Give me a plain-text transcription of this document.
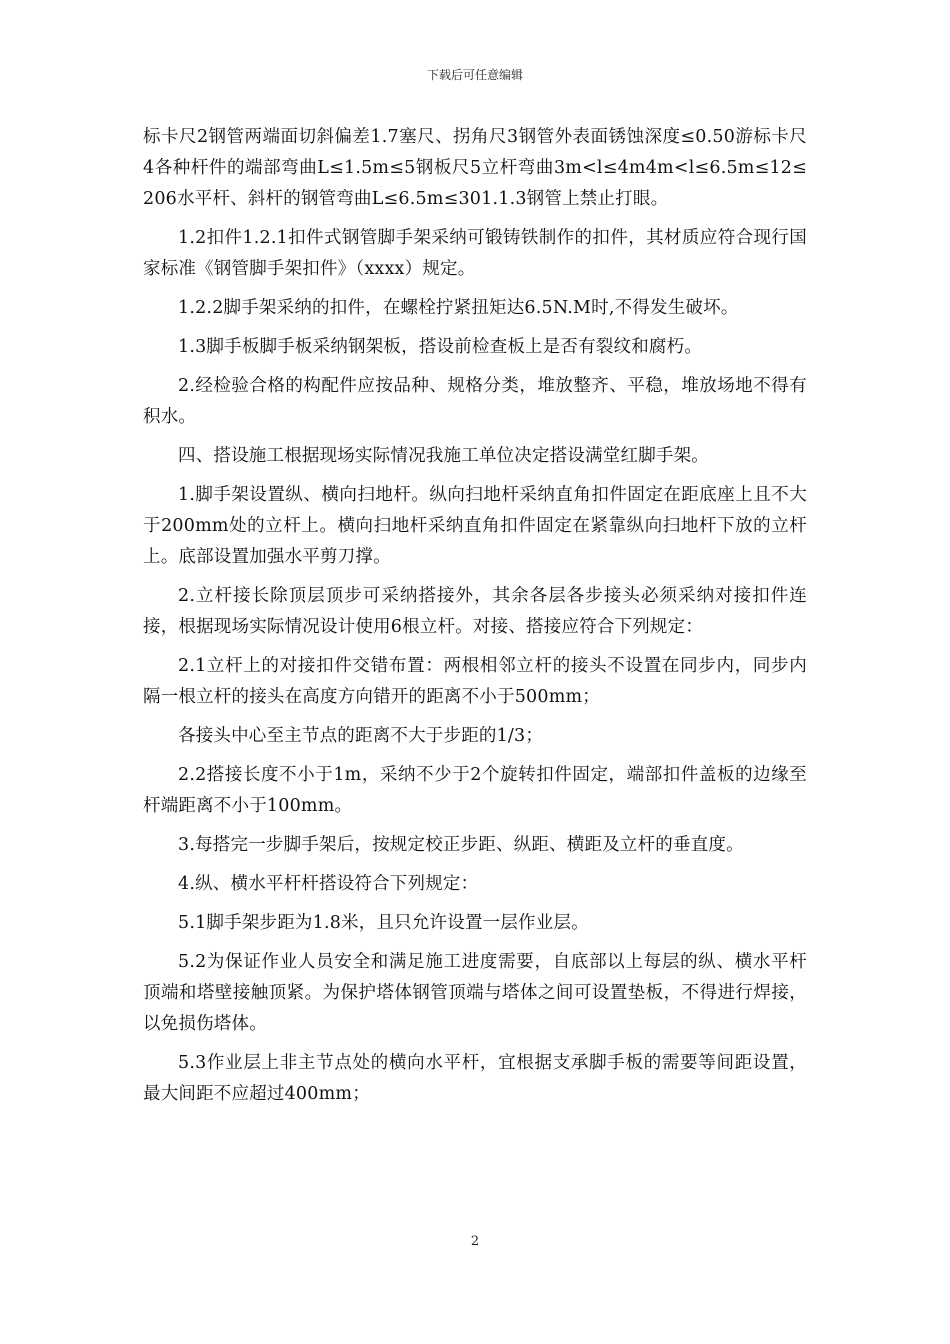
下载后可任意编辑

标卡尺2钢管两端面切斜偏差1.7塞尺、拐角尺3钢管外表面锈蚀深度≤0.50游标卡尺4各种杆件的端部弯曲L≤1.5m≤5钢板尺5立杆弯曲3m<l≤4m4m<l≤6.5m≤12≤206水平杆、斜杆的钢管弯曲L≤6.5m≤301.1.3钢管上禁止打眼。

1.2扣件1.2.1扣件式钢管脚手架采纳可锻铸铁制作的扣件，其材质应符合现行国家标准《钢管脚手架扣件》（xxxx）规定。

1.2.2脚手架采纳的扣件，在螺栓拧紧扭矩达6.5N.M时,不得发生破坏。

1.3脚手板脚手板采纳钢架板，搭设前检查板上是否有裂纹和腐朽。

2.经检验合格的构配件应按品种、规格分类，堆放整齐、平稳，堆放场地不得有积水。

四、搭设施工根据现场实际情况我施工单位决定搭设满堂红脚手架。

1.脚手架设置纵、横向扫地杆。纵向扫地杆采纳直角扣件固定在距底座上且不大于200mm处的立杆上。横向扫地杆采纳直角扣件固定在紧靠纵向扫地杆下放的立杆上。底部设置加强水平剪刀撑。

2.立杆接长除顶层顶步可采纳搭接外，其余各层各步接头必须采纳对接扣件连接，根据现场实际情况设计使用6根立杆。对接、搭接应符合下列规定：

2.1立杆上的对接扣件交错布置：两根相邻立杆的接头不设置在同步内，同步内隔一根立杆的接头在高度方向错开的距离不小于500mm；

各接头中心至主节点的距离不大于步距的1/3；

2.2搭接长度不小于1m，采纳不少于2个旋转扣件固定，端部扣件盖板的边缘至杆端距离不小于100mm。

3.每搭完一步脚手架后，按规定校正步距、纵距、横距及立杆的垂直度。

4.纵、横水平杆杆搭设符合下列规定：

5.1脚手架步距为1.8米，且只允许设置一层作业层。

5.2为保证作业人员安全和满足施工进度需要，自底部以上每层的纵、横水平杆顶端和塔壁接触顶紧。为保护塔体钢管顶端与塔体之间可设置垫板，不得进行焊接，以免损伤塔体。

5.3作业层上非主节点处的横向水平杆，宜根据支承脚手板的需要等间距设置，最大间距不应超过400mm；

2
